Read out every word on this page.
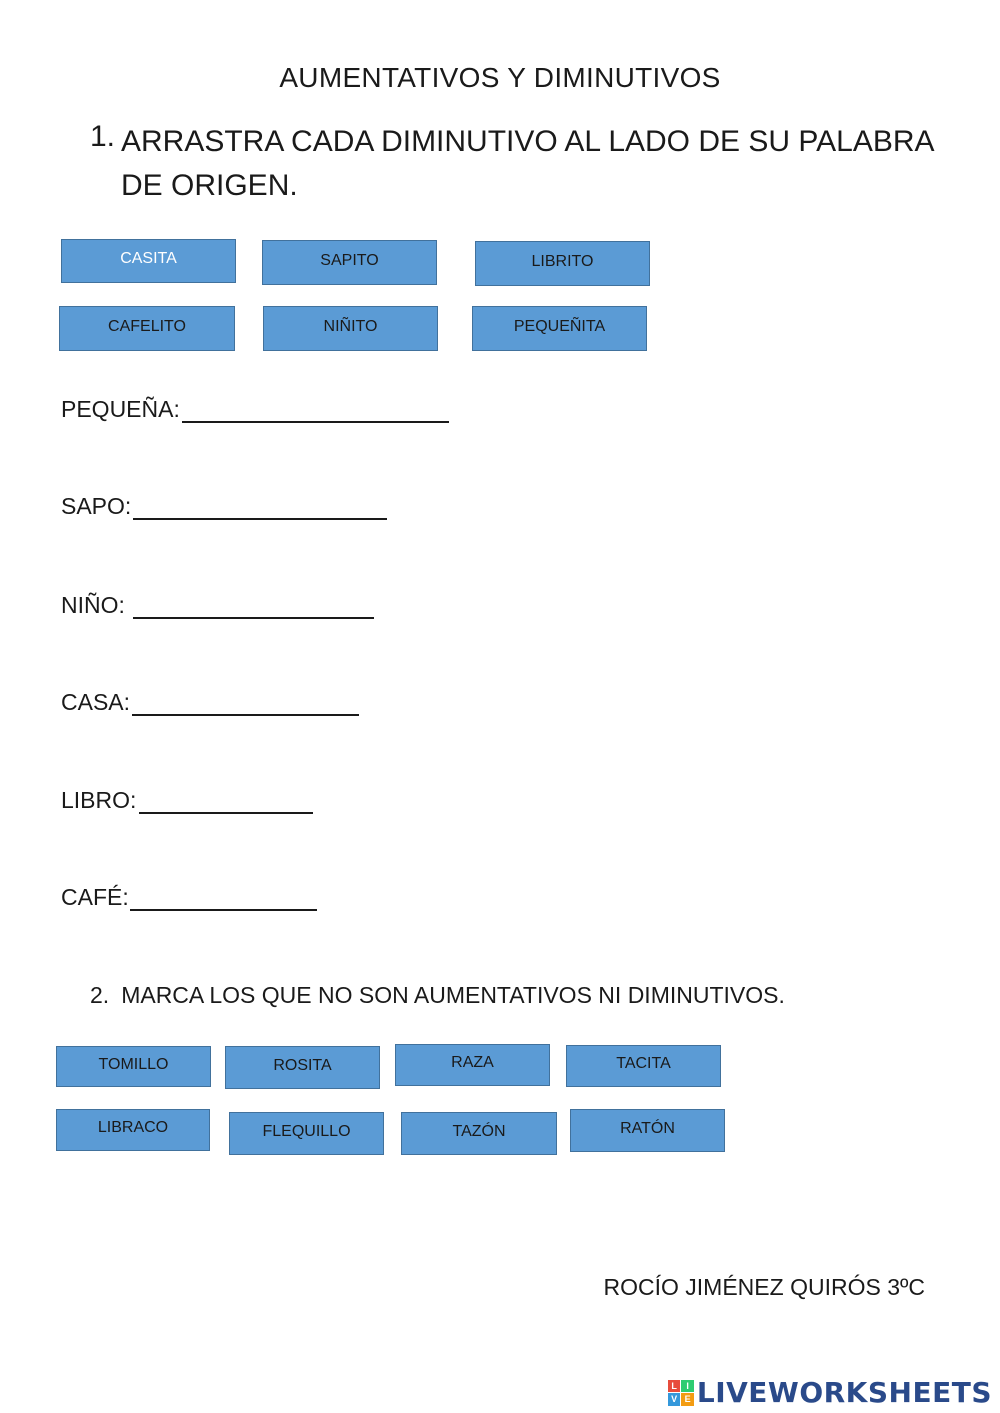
AUMENTATIVOS Y DIMINUTIVOS
1. ARRASTRA CADA DIMINUTIVO AL LADO DE SU PALABRA DE ORIGEN.
CASITA	SAPITO	LIBRITO
CAFELITO	NIÑITO	PEQUEÑITA
PEQUEÑA:
SAPO:
NIÑO:
CASA:
LIBRO:
CAFÉ:
2. MARCA LOS QUE NO SON AUMENTATIVOS NI DIMINUTIVOS.
TOMILLO	ROSITA	RAZA	TACITA
LIBRACO	FLEQUILLO	TAZÓN	RATÓN
ROCÍO JIMÉNEZ QUIRÓS 3ºC
L	I
V E LIVEWORKSHEETS
